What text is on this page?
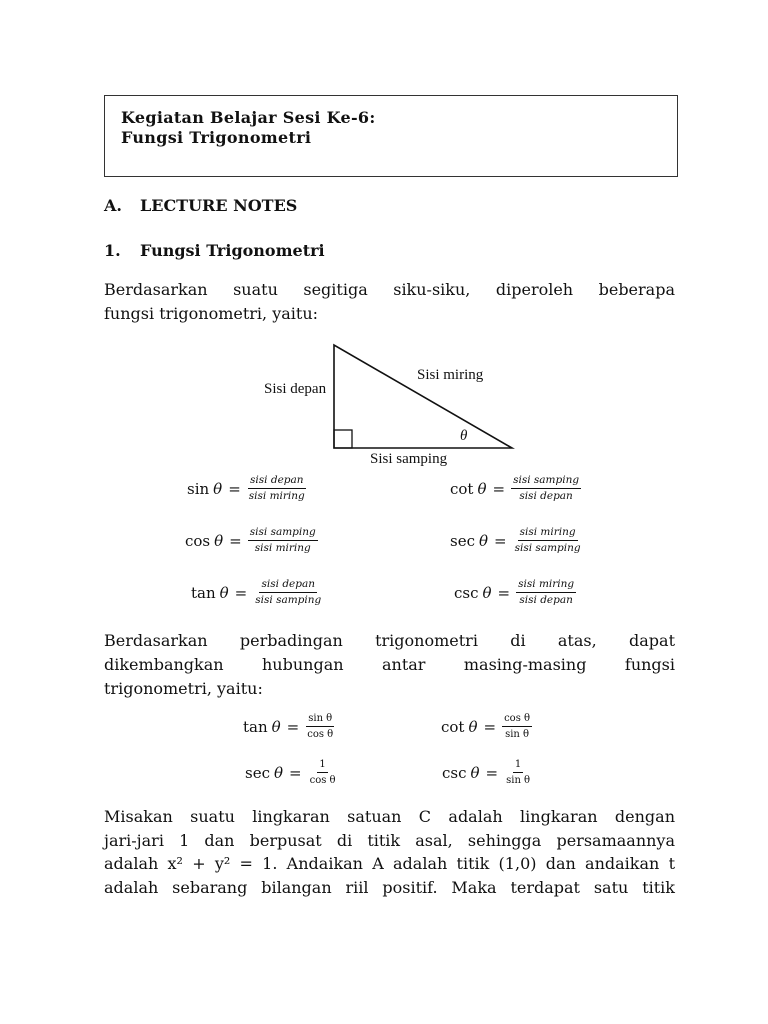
Kegiatan Belajar Sesi Ke-6:
Fungsi Trigonometri
A. LECTURE NOTES
1. Fungsi Trigonometri
Berdasarkan suatu segitiga siku-siku, diperoleh beberapa
fungsi trigonometri, yaitu:
Sisi depan
Sisi miring
Sisi samping
θ
$\sin \theta = \frac{\text{sisi depan}}{\text{sisi miring}}$
$\cos \theta = \frac{\text{sisi samping}}{\text{sisi miring}}$
$\tan \theta = \frac{\text{sisi depan}}{\text{sisi samping}}$
$\cot \theta = \frac{\text{sisi samping}}{\text{sisi depan}}$
$\sec \theta = \frac{\text{sisi miring}}{\text{sisi samping}}$
$\csc \theta = \frac{\text{sisi miring}}{\text{sisi depan}}$
Berdasarkan perbadingan trigonometri di atas, dapat
dikembangkan hubungan antar masing-masing fungsi
trigonometri, yaitu:
$\tan \theta = \frac{\text{sin θ}}{\text{cos θ}}$	$\cot \theta = \frac{\text{cos θ}}{\text{sin θ}}$
$\sec \theta = \frac{1}{\text{cos θ}}$	$\csc \theta = \frac{1}{\text{sin θ}}$
Misakan suatu lingkaran satuan C adalah lingkaran dengan
jari-jari 1 dan berpusat di titik asal, sehingga persamaannya
adalah x² + y² = 1. Andaikan A adalah titik (1,0) dan andaikan t
adalah sebarang bilangan riil positif. Maka terdapat satu titik
